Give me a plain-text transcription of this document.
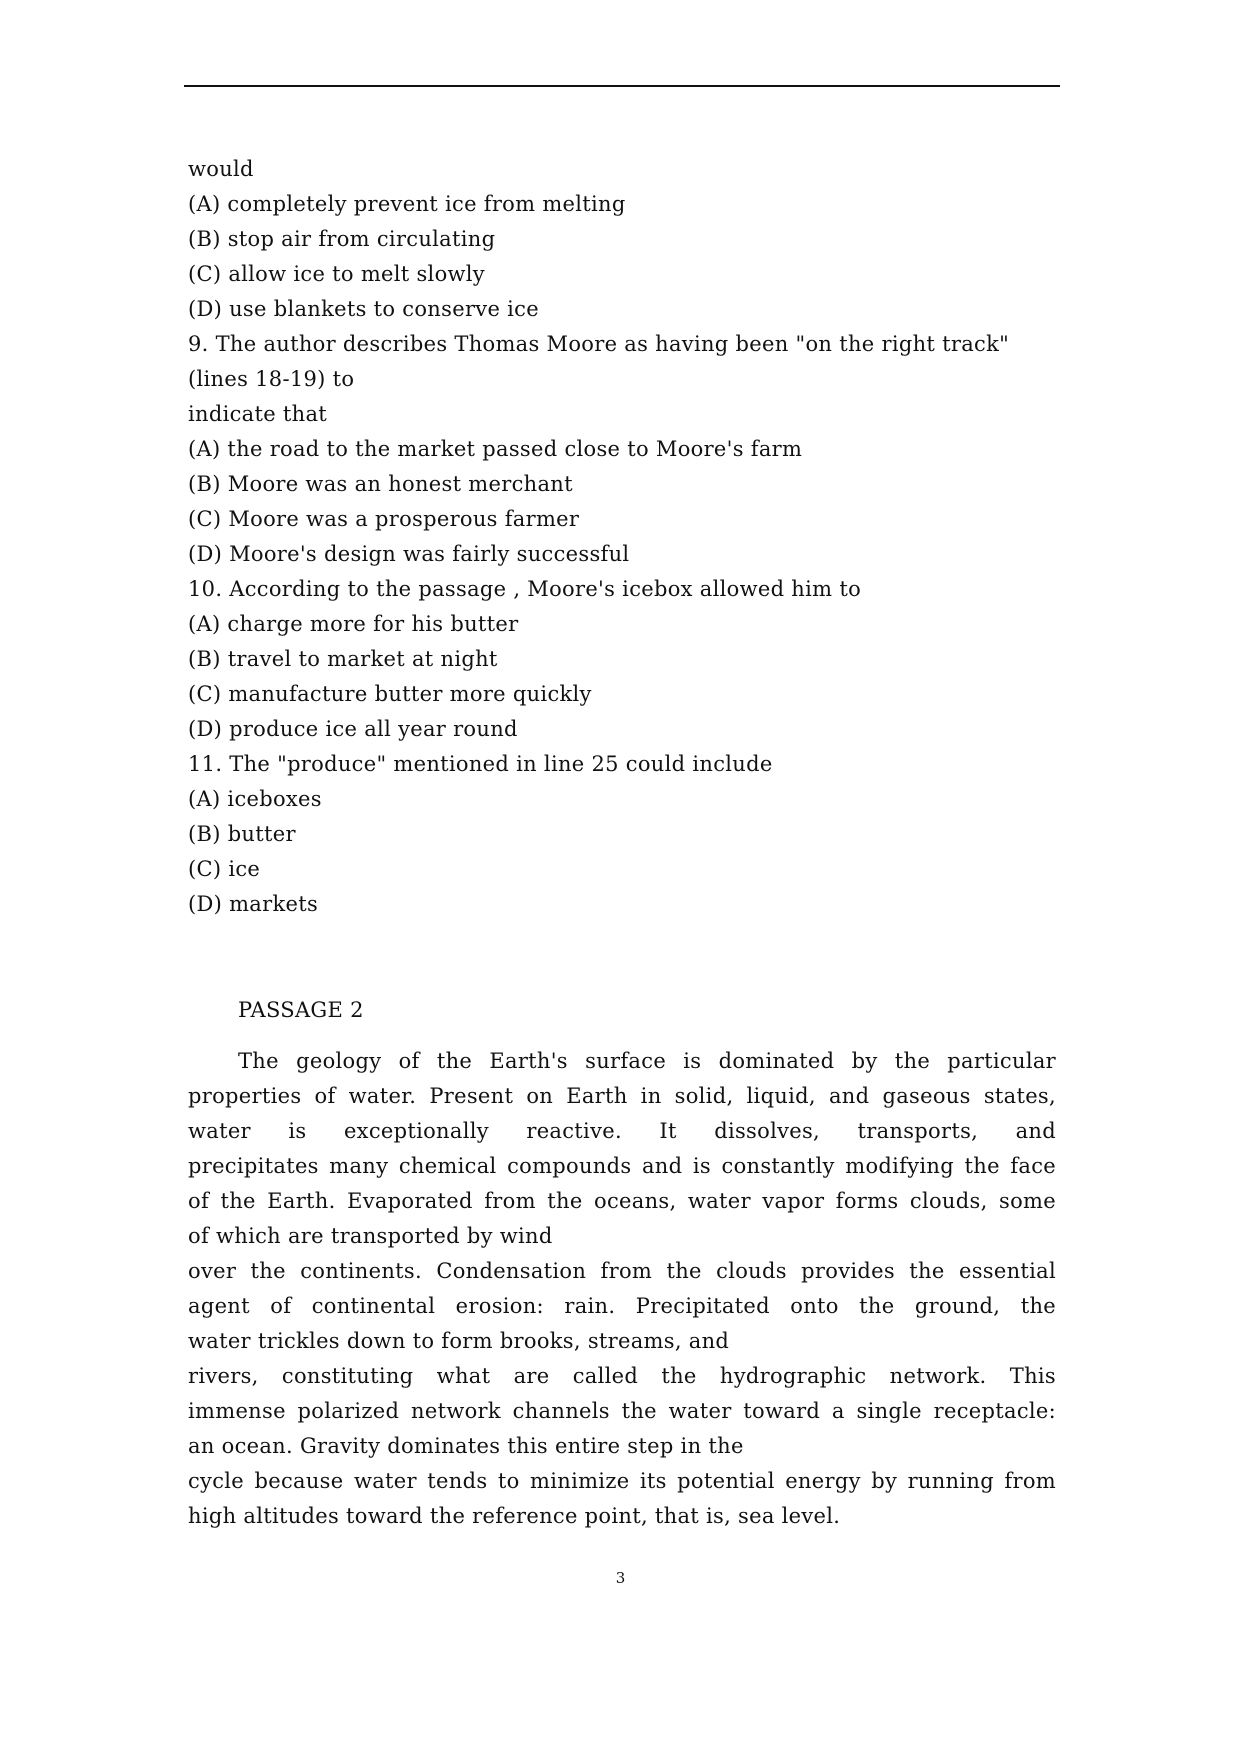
would
(A) completely prevent ice from melting
(B) stop air from circulating
(C) allow ice to melt slowly
(D) use blankets to conserve ice
9. The author describes Thomas Moore as having been "on the right track"
(lines 18-19) to
indicate that
(A) the road to the market passed close to Moore's farm
(B) Moore was an honest merchant
(C) Moore was a prosperous farmer
(D) Moore's design was fairly successful
10. According to the passage , Moore's icebox allowed him to
(A) charge more for his butter
(B) travel to market at night
(C) manufacture butter more quickly
(D) produce ice all year round
11. The "produce" mentioned in line 25 could include
(A) iceboxes
(B) butter
(C) ice
(D) markets
PASSAGE 2
The geology of the Earth's surface is dominated by the particular
properties of water. Present on Earth in solid, liquid, and gaseous states,
water is exceptionally reactive. It dissolves, transports, and
precipitates many chemical compounds and is constantly modifying the face
of the Earth. Evaporated from the oceans, water vapor forms clouds, some
of which are transported by wind
over the continents. Condensation from the clouds provides the essential
agent of continental erosion: rain. Precipitated onto the ground, the
water trickles down to form brooks, streams, and
rivers, constituting what are called the hydrographic network. This
immense polarized network channels the water toward a single receptacle:
an ocean. Gravity dominates this entire step in the
cycle because water tends to minimize its potential energy by running from
high altitudes toward the reference point, that is, sea level.
3
